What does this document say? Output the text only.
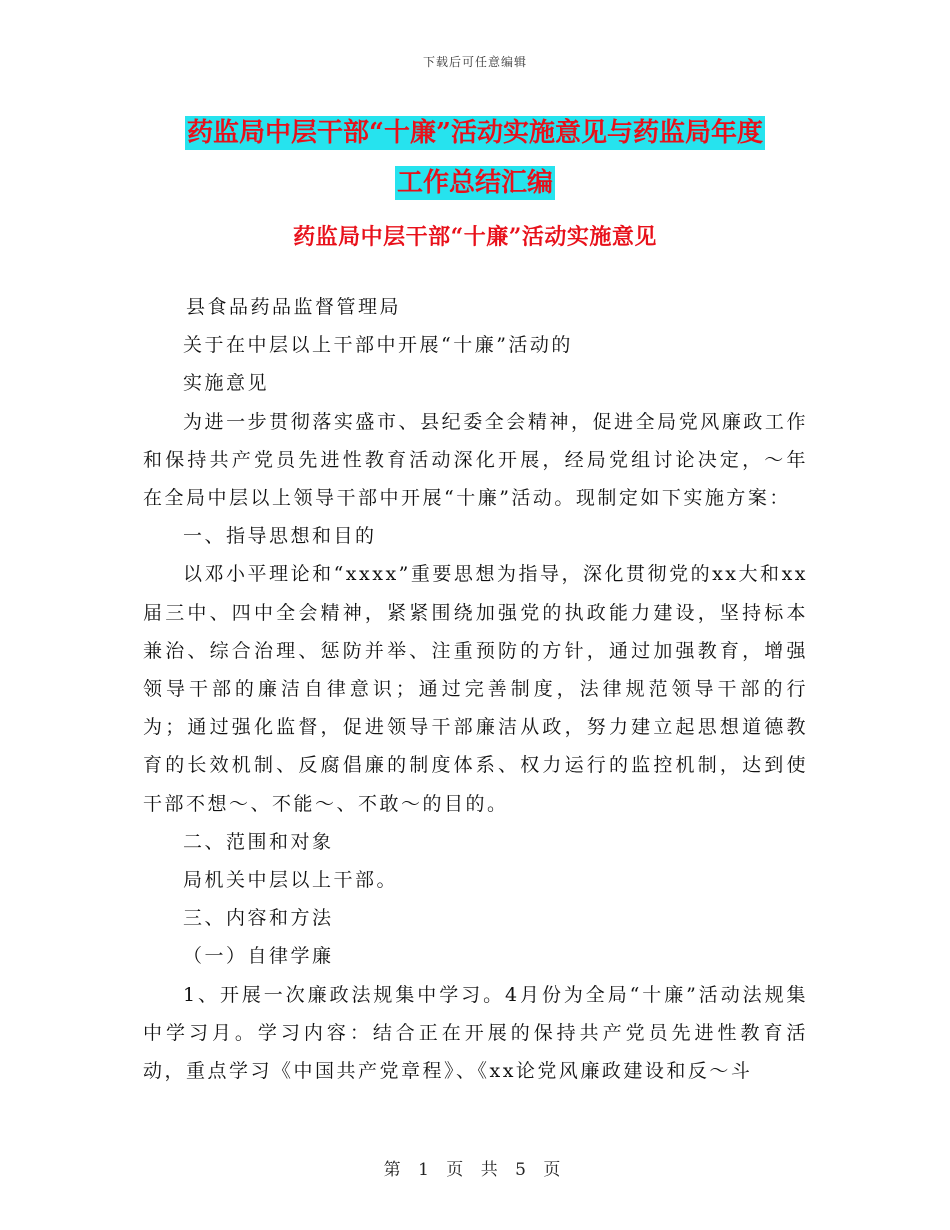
下载后可任意编辑
药监局中层干部“十廉”活动实施意见与药监局年度
工作总结汇编
药监局中层干部“十廉”活动实施意见

县食品药品监督管理局

关于在中层以上干部中开展“十廉”活动的

实施意见

为进一步贯彻落实盛市、县纪委全会精神，促进全局党风廉政工作和保持共产党员先进性教育活动深化开展，经局党组讨论决定，～年在全局中层以上领导干部中开展“十廉”活动。现制定如下实施方案：

一、指导思想和目的

以邓小平理论和“xxxx”重要思想为指导，深化贯彻党的xx大和xx届三中、四中全会精神，紧紧围绕加强党的执政能力建设，坚持标本兼治、综合治理、惩防并举、注重预防的方针，通过加强教育，增强领导干部的廉洁自律意识；通过完善制度，法律规范领导干部的行为；通过强化监督，促进领导干部廉洁从政，努力建立起思想道德教育的长效机制、反腐倡廉的制度体系、权力运行的监控机制，达到使干部不想～、不能～、不敢～的目的。

二、范围和对象

局机关中层以上干部。

三、内容和方法

（一）自律学廉

1、开展一次廉政法规集中学习。4月份为全局“十廉”活动法规集中学习月。学习内容：结合正在开展的保持共产党员先进性教育活动，重点学习《中国共产党章程》、《xx论党风廉政建设和反～斗

第 1 页 共 5 页
